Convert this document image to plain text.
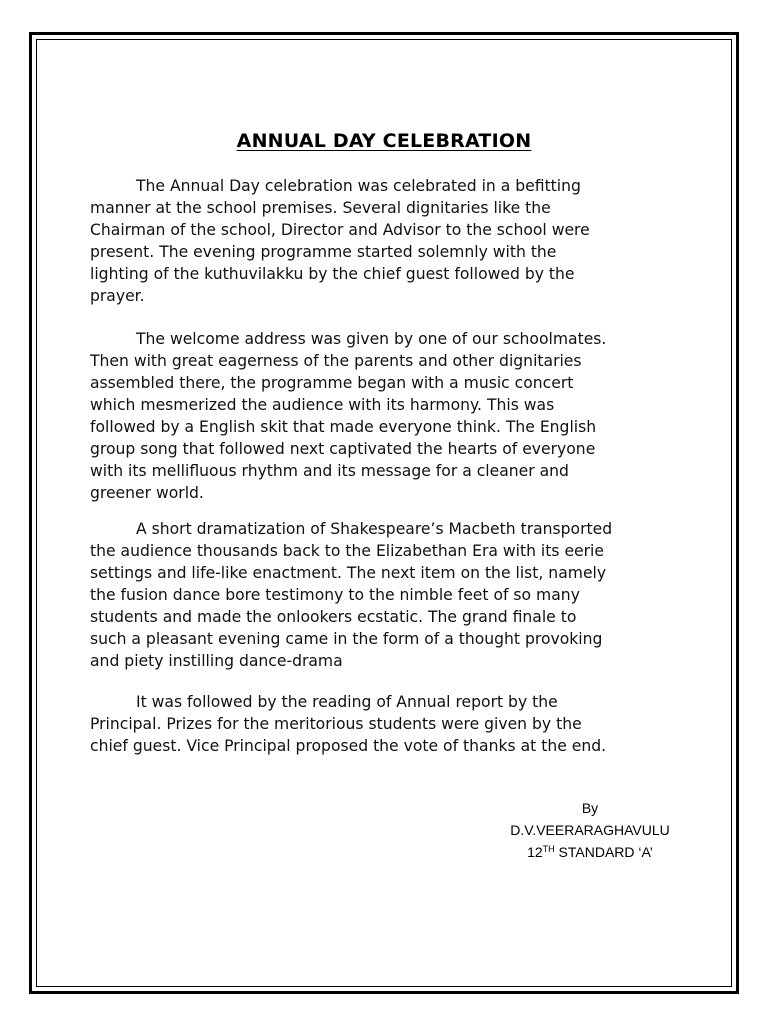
ANNUAL DAY CELEBRATION

The Annual Day celebration was celebrated in a befitting
manner at the school premises. Several dignitaries like the
Chairman of the school, Director and Advisor to the school were
present. The evening programme started solemnly with the
lighting of the kuthuvilakku by the chief guest followed by the
prayer.

The welcome address was given by one of our schoolmates.
Then with great eagerness of the parents and other dignitaries
assembled there, the programme began with a music concert
which mesmerized the audience with its harmony. This was
followed by a English skit that made everyone think. The English
group song that followed next captivated the hearts of everyone
with its mellifluous rhythm and its message for a cleaner and
greener world.

A short dramatization of Shakespeare’s Macbeth transported
the audience thousands back to the Elizabethan Era with its eerie
settings and life-like enactment. The next item on the list, namely
the fusion dance bore testimony to the nimble feet of so many
students and made the onlookers ecstatic. The grand finale to
such a pleasant evening came in the form of a thought provoking
and piety instilling dance-drama

It was followed by the reading of Annual report by the
Principal. Prizes for the meritorious students were given by the
chief guest. Vice Principal proposed the vote of thanks at the end.

By
D.V.VEERARAGHAVULU
12TH STANDARD ‘A’
